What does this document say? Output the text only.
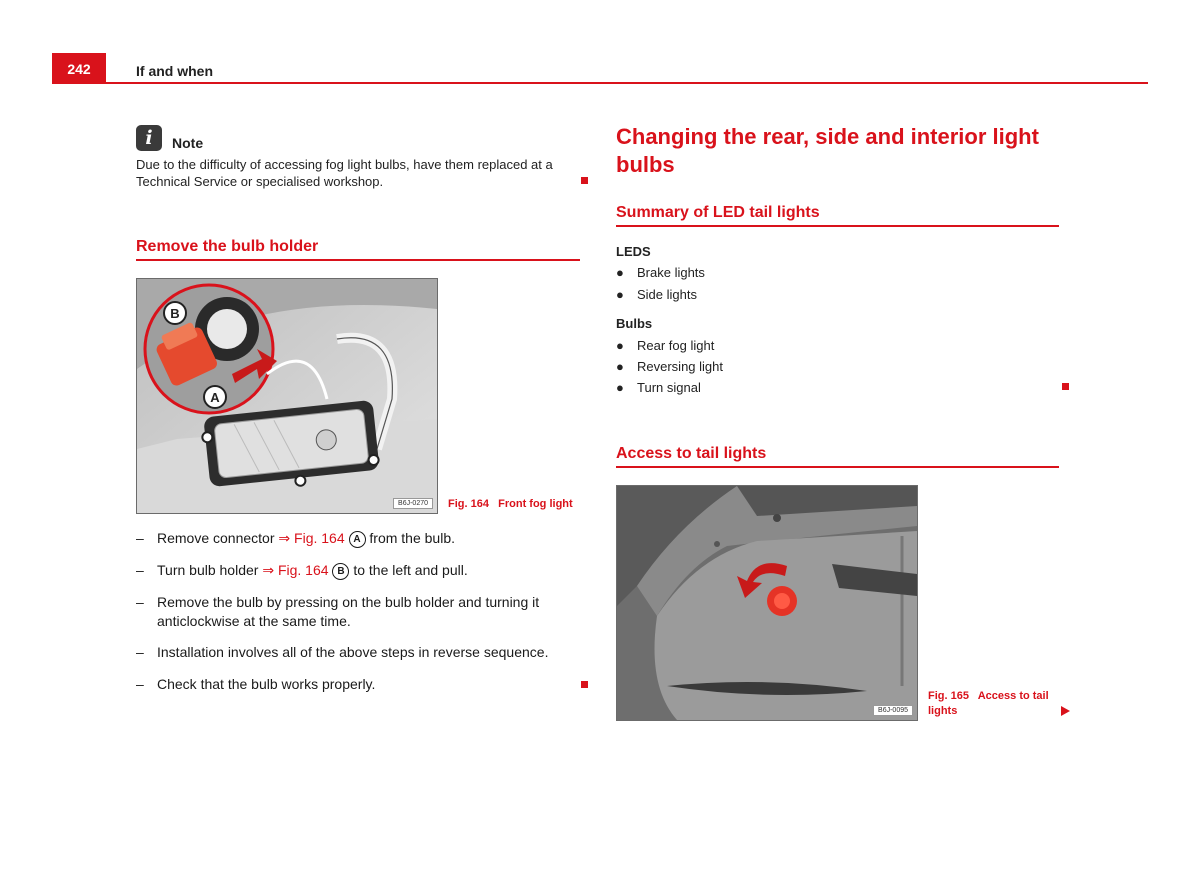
242	If and when
i	Note
Due to the difficulty of accessing fog light bulbs, have them replaced at a Technical Service or specialised workshop.
Remove the bulb holder
B
A
B6J-0270	Fig. 164 Front fog light
– Remove connector ⇒ Fig. 164 A from the bulb.
– Turn bulb holder ⇒ Fig. 164 B to the left and pull.
– Remove the bulb by pressing on the bulb holder and turning it
anticlockwise at the same time.
– Installation involves all of the above steps in reverse sequence.
– Check that the bulb works properly.
Changing the rear, side and interior light
bulbs
Summary of LED tail lights
LEDS
● Brake lights
● Side lights
Bulbs
● Rear fog light
● Reversing light
● Turn signal
Access to tail lights
B6J-0095
Fig. 165 Access to tail
lights
